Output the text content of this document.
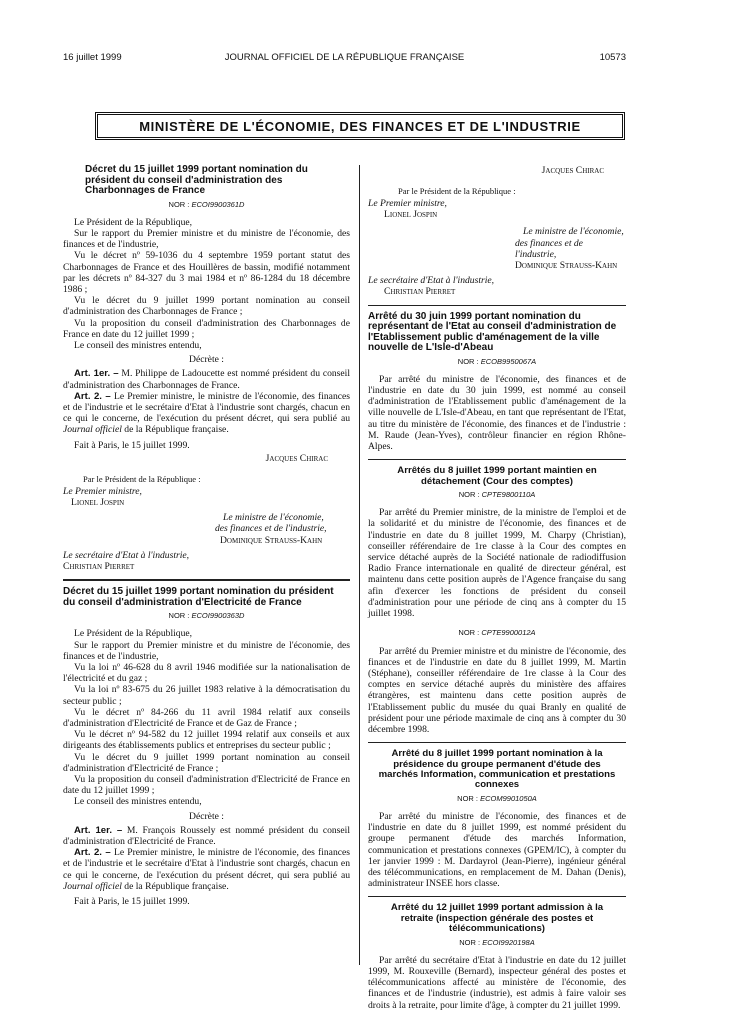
16 juillet 1999	JOURNAL OFFICIEL DE LA RÉPUBLIQUE FRANÇAISE	10573
MINISTÈRE DE L'ÉCONOMIE, DES FINANCES ET DE L'INDUSTRIE
Décret du 15 juillet 1999 portant nomination du président du conseil d'administration des Charbonnages de France
NOR : ECOI9900361D

Le Président de la République,

Sur le rapport du Premier ministre et du ministre de l'économie, des finances et de l'industrie,

Vu le décret nº 59-1036 du 4 septembre 1959 portant statut des Charbonnages de France et des Houillères de bassin, modifié notamment par les décrets nº 84-327 du 3 mai 1984 et nº 86-1284 du 18 décembre 1986 ;

Vu le décret du 9 juillet 1999 portant nomination au conseil d'administration des Charbonnages de France ;

Vu la proposition du conseil d'administration des Charbonnages de France en date du 12 juillet 1999 ;

Le conseil des ministres entendu,

Décrète :

Art. 1er. – M. Philippe de Ladoucette est nommé président du conseil d'administration des Charbonnages de France.

Art. 2. – Le Premier ministre, le ministre de l'économie, des finances et de l'industrie et le secrétaire d'Etat à l'industrie sont chargés, chacun en ce qui le concerne, de l'exécution du présent décret, qui sera publié au Journal officiel de la République française.

Fait à Paris, le 15 juillet 1999.

Jacques Chirac

Par le Président de la République :

Le Premier ministre,

Lionel Jospin

Le ministre de l'économie,

des finances et de l'industrie,

Dominique Strauss-Kahn

Le secrétaire d'Etat à l'industrie,

Christian Pierret

Décret du 15 juillet 1999 portant nomination du président du conseil d'administration d'Electricité de France
NOR : ECOI9900363D

Le Président de la République,

Sur le rapport du Premier ministre et du ministre de l'économie, des finances et de l'industrie,

Vu la loi nº 46-628 du 8 avril 1946 modifiée sur la nationalisation de l'électricité et du gaz ;

Vu la loi nº 83-675 du 26 juillet 1983 relative à la démocratisation du secteur public ;

Vu le décret nº 84-266 du 11 avril 1984 relatif aux conseils d'administration d'Electricité de France et de Gaz de France ;

Vu le décret nº 94-582 du 12 juillet 1994 relatif aux conseils et aux dirigeants des établissements publics et entreprises du secteur public ;

Vu le décret du 9 juillet 1999 portant nomination au conseil d'administration d'Electricité de France ;

Vu la proposition du conseil d'administration d'Electricité de France en date du 12 juillet 1999 ;

Le conseil des ministres entendu,

Décrète :

Art. 1er. – M. François Roussely est nommé président du conseil d'administration d'Electricité de France.

Art. 2. – Le Premier ministre, le ministre de l'économie, des finances et de l'industrie et le secrétaire d'Etat à l'industrie sont chargés, chacun en ce qui le concerne, de l'exécution du présent décret, qui sera publié au Journal officiel de la République française.

Fait à Paris, le 15 juillet 1999.

Jacques Chirac

Par le Président de la République :

Le Premier ministre,

Lionel Jospin

Le ministre de l'économie,

des finances et de l'industrie,

Dominique Strauss-Kahn

Le secrétaire d'Etat à l'industrie,

Christian Pierret

Arrêté du 30 juin 1999 portant nomination du représentant de l'Etat au conseil d'administration de l'Etablissement public d'aménagement de la ville nouvelle de L'Isle-d'Abeau
NOR : ECOB9950067A

Par arrêté du ministre de l'économie, des finances et de l'industrie en date du 30 juin 1999, est nommé au conseil d'administration de l'Etablissement public d'aménagement de la ville nouvelle de L'Isle-d'Abeau, en tant que représentant de l'Etat, au titre du ministère de l'économie, des finances et de l'industrie : M. Raude (Jean-Yves), contrôleur financier en région Rhône-Alpes.

Arrêtés du 8 juillet 1999 portant maintien en détachement (Cour des comptes)
NOR : CPTE9800110A

Par arrêté du Premier ministre, de la ministre de l'emploi et de la solidarité et du ministre de l'économie, des finances et de l'industrie en date du 8 juillet 1999, M. Charpy (Christian), conseiller référendaire de 1re classe à la Cour des comptes en service détaché auprès de la Société nationale de radiodiffusion Radio France internationale en qualité de directeur général, est maintenu dans cette position auprès de l'Agence française du sang afin d'exercer les fonctions de président du conseil d'administration pour une période de cinq ans à compter du 15 juillet 1998.

NOR : CPTE9900012A

Par arrêté du Premier ministre et du ministre de l'économie, des finances et de l'industrie en date du 8 juillet 1999, M. Martin (Stéphane), conseiller référendaire de 1re classe à la Cour des comptes en service détaché auprès du ministère des affaires étrangères, est maintenu dans cette position auprès de l'Etablissement public du musée du quai Branly en qualité de président pour une période maximale de cinq ans à compter du 30 décembre 1998.

Arrêté du 8 juillet 1999 portant nomination à la présidence du groupe permanent d'étude des marchés Information, communication et prestations connexes
NOR : ECOM9901050A

Par arrêté du ministre de l'économie, des finances et de l'industrie en date du 8 juillet 1999, est nommé président du groupe permanent d'étude des marchés Information, communication et prestations connexes (GPEM/IC), à compter du 1er janvier 1999 : M. Dardayrol (Jean-Pierre), ingénieur général des télécommunications, en remplacement de M. Dahan (Denis), administrateur INSEE hors classe.

Arrêté du 12 juillet 1999 portant admission à la retraite (inspection générale des postes et télécommunications)
NOR : ECOI9920198A

Par arrêté du secrétaire d'Etat à l'industrie en date du 12 juillet 1999, M. Rouxeville (Bernard), inspecteur général des postes et télécommunications affecté au ministère de l'économie, des finances et de l'industrie (industrie), est admis à faire valoir ses droits à la retraite, pour limite d'âge, à compter du 21 juillet 1999.
